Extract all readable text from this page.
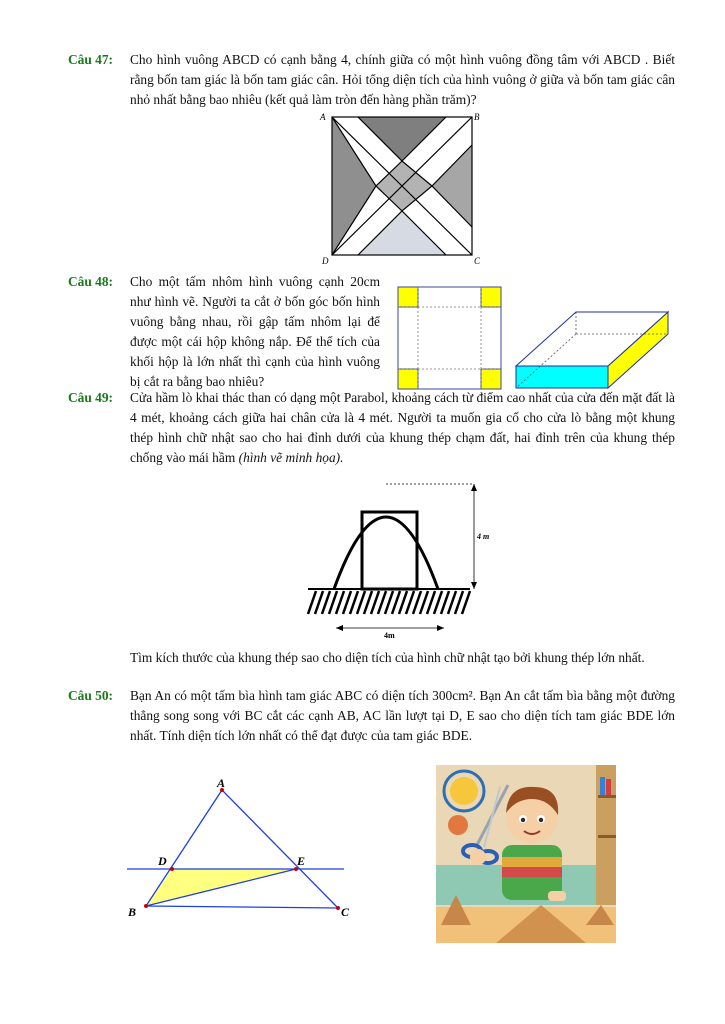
Câu 47:	Cho hình vuông ABCD có cạnh bằng 4, chính giữa có một hình vuông đồng tâm với ABCD . Biết rằng bốn tam giác là bốn tam giác cân. Hỏi tổng diện tích của hình vuông ở giữa và bốn tam giác cân nhỏ nhất bằng bao nhiêu (kết quả làm tròn đến hàng phần trăm)?
A	B
C
D
Câu 48:	Cho một tấm nhôm hình vuông cạnh 20cm như hình vẽ. Người ta cắt ở bốn góc bốn hình vuông bằng nhau, rồi gập tấm nhôm lại để được một cái hộp không nắp. Để thể tích của khối hộp là lớn nhất thì cạnh của hình vuông bị cắt ra bằng bao nhiêu?
Câu 49:	Cửa hầm lò khai thác than có dạng một Parabol, khoảng cách từ điểm cao nhất của cửa đến mặt đất là 4 mét, khoảng cách giữa hai chân cửa là 4 mét. Người ta muốn gia cố cho cửa lò bằng một khung thép hình chữ nhật sao cho hai đỉnh dưới của khung thép chạm đất, hai đỉnh trên của khung thép chống vào mái hầm (hình vẽ minh họa).
4 m
4m
Tìm kích thước của khung thép sao cho diện tích của hình chữ nhật tạo bởi khung thép lớn nhất.
Câu 50:	Bạn An có một tấm bìa hình tam giác ABC có diện tích 300cm². Bạn An cắt tấm bìa bằng một đường thẳng song song với BC cắt các cạnh AB, AC lần lượt tại D, E sao cho diện tích tam giác BDE lớn nhất. Tính diện tích lớn nhất có thể đạt được của tam giác BDE.
A
D	E
B	C
